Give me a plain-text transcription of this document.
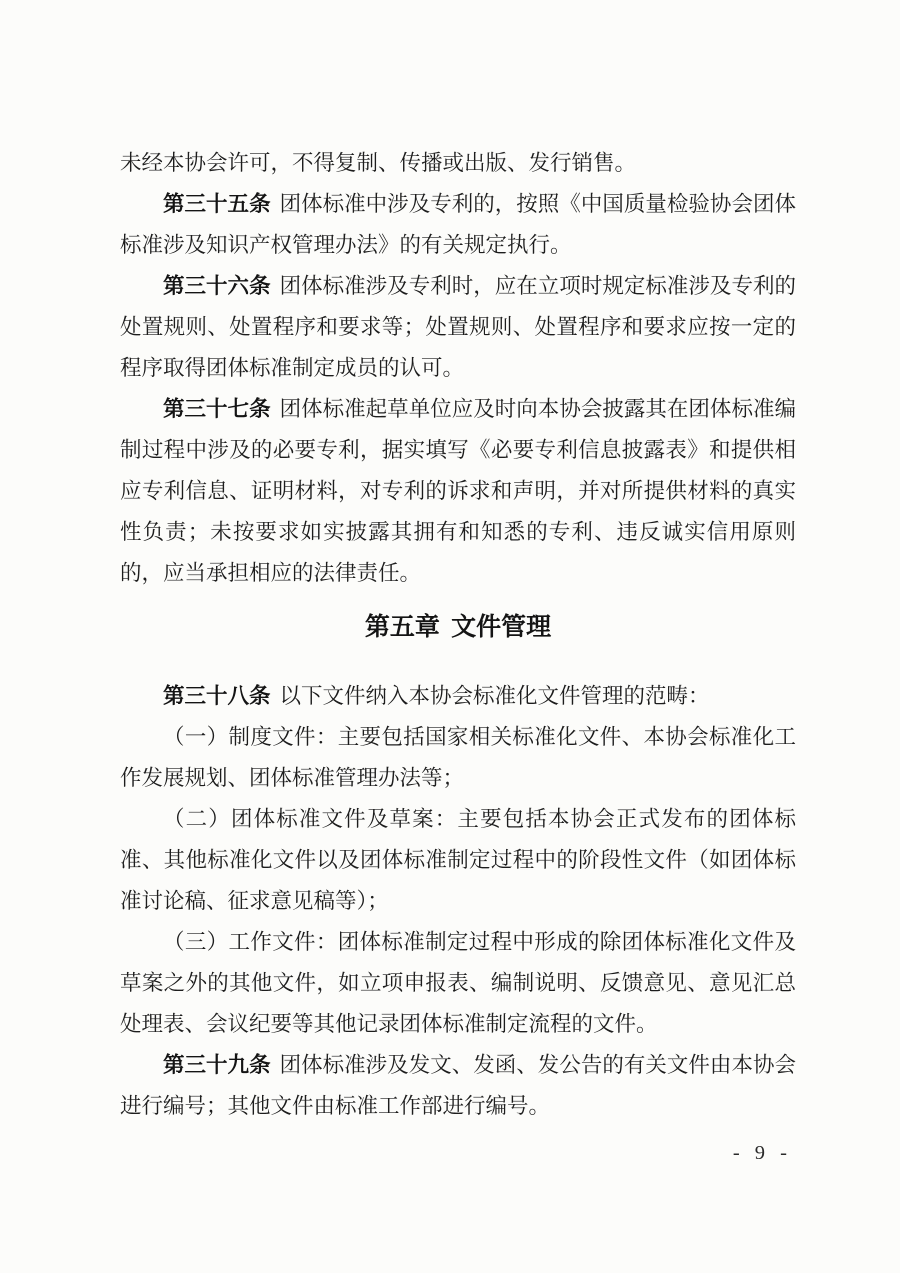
未经本协会许可，不得复制、传播或出版、发行销售。

第三十五条 团体标准中涉及专利的，按照《中国质量检验协会团体标准涉及知识产权管理办法》的有关规定执行。

第三十六条 团体标准涉及专利时，应在立项时规定标准涉及专利的处置规则、处置程序和要求等；处置规则、处置程序和要求应按一定的程序取得团体标准制定成员的认可。

第三十七条 团体标准起草单位应及时向本协会披露其在团体标准编制过程中涉及的必要专利，据实填写《必要专利信息披露表》和提供相应专利信息、证明材料，对专利的诉求和声明，并对所提供材料的真实性负责；未按要求如实披露其拥有和知悉的专利、违反诚实信用原则的，应当承担相应的法律责任。

第五章 文件管理

第三十八条 以下文件纳入本协会标准化文件管理的范畴：

（一）制度文件：主要包括国家相关标准化文件、本协会标准化工作发展规划、团体标准管理办法等；

（二）团体标准文件及草案：主要包括本协会正式发布的团体标准、其他标准化文件以及团体标准制定过程中的阶段性文件（如团体标准讨论稿、征求意见稿等）；

（三）工作文件：团体标准制定过程中形成的除团体标准化文件及草案之外的其他文件，如立项申报表、编制说明、反馈意见、意见汇总处理表、会议纪要等其他记录团体标准制定流程的文件。

第三十九条 团体标准涉及发文、发函、发公告的有关文件由本协会进行编号；其他文件由标准工作部进行编号。

- 9 -
